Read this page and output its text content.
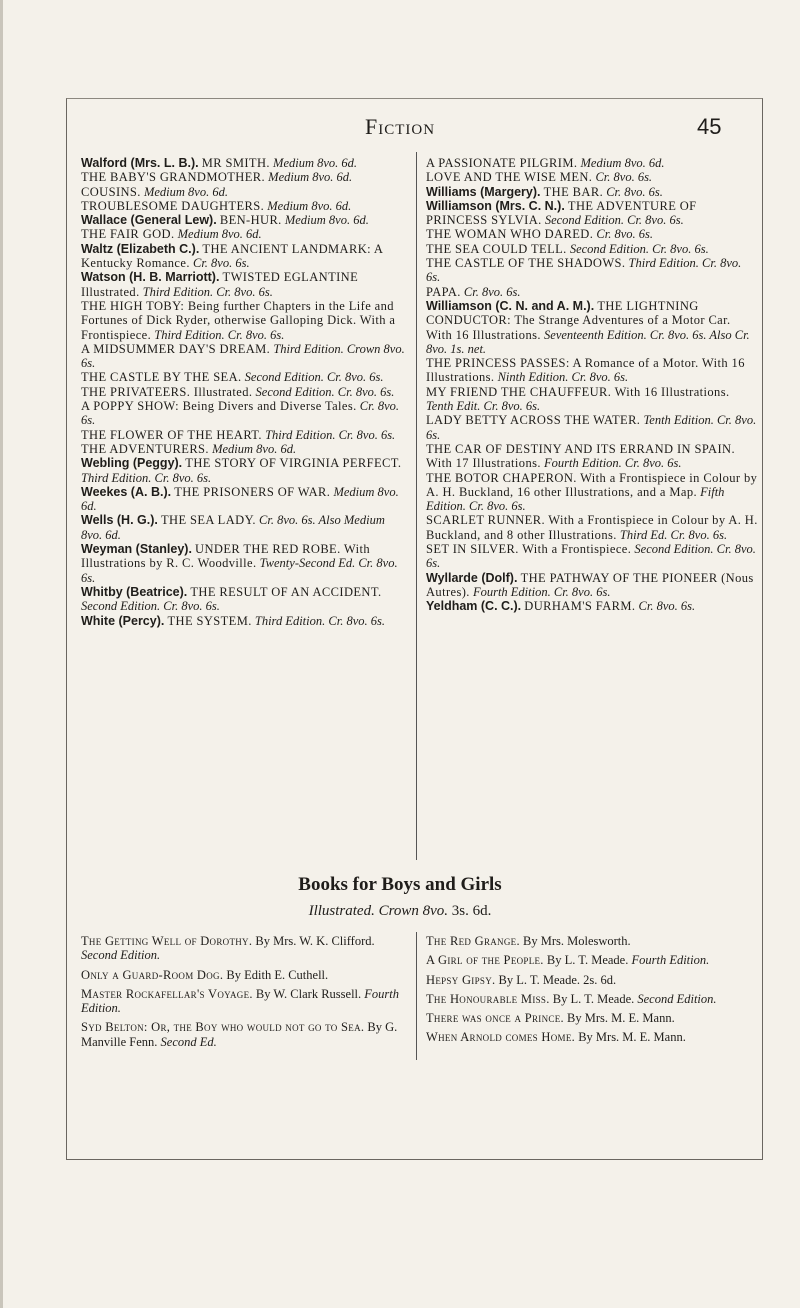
Fiction	45

Walford (Mrs. L. B.). MR SMITH. Medium 8vo. 6d.

THE BABY'S GRANDMOTHER. Medium 8vo. 6d.

COUSINS. Medium 8vo. 6d.

TROUBLESOME DAUGHTERS. Medium 8vo. 6d.

Wallace (General Lew). BEN-HUR. Medium 8vo. 6d.

THE FAIR GOD. Medium 8vo. 6d.

Waltz (Elizabeth C.). THE ANCIENT LANDMARK: A Kentucky Romance. Cr. 8vo. 6s.

Watson (H. B. Marriott). TWISTED EGLANTINE Illustrated. Third Edition. Cr. 8vo. 6s.

THE HIGH TOBY: Being further Chapters in the Life and Fortunes of Dick Ryder, otherwise Galloping Dick. With a Frontispiece. Third Edition. Cr. 8vo. 6s.

A MIDSUMMER DAY'S DREAM. Third Edition. Crown 8vo. 6s.

THE CASTLE BY THE SEA. Second Edition. Cr. 8vo. 6s.

THE PRIVATEERS. Illustrated. Second Edition. Cr. 8vo. 6s.

A POPPY SHOW: Being Divers and Diverse Tales. Cr. 8vo. 6s.

THE FLOWER OF THE HEART. Third Edition. Cr. 8vo. 6s.

THE ADVENTURERS. Medium 8vo. 6d.

Webling (Peggy). THE STORY OF VIRGINIA PERFECT. Third Edition. Cr. 8vo. 6s.

Weekes (A. B.). THE PRISONERS OF WAR. Medium 8vo. 6d.

Wells (H. G.). THE SEA LADY. Cr. 8vo. 6s. Also Medium 8vo. 6d.

Weyman (Stanley). UNDER THE RED ROBE. With Illustrations by R. C. Woodville. Twenty-Second Ed. Cr. 8vo. 6s.

Whitby (Beatrice). THE RESULT OF AN ACCIDENT. Second Edition. Cr. 8vo. 6s.

White (Percy). THE SYSTEM. Third Edition. Cr. 8vo. 6s.

A PASSIONATE PILGRIM. Medium 8vo. 6d.

LOVE AND THE WISE MEN. Cr. 8vo. 6s.

Williams (Margery). THE BAR. Cr. 8vo. 6s.

Williamson (Mrs. C. N.). THE ADVENTURE OF PRINCESS SYLVIA. Second Edition. Cr. 8vo. 6s.

THE WOMAN WHO DARED. Cr. 8vo. 6s.

THE SEA COULD TELL. Second Edition. Cr. 8vo. 6s.

THE CASTLE OF THE SHADOWS. Third Edition. Cr. 8vo. 6s.

PAPA. Cr. 8vo. 6s.

Williamson (C. N. and A. M.). THE LIGHTNING CONDUCTOR: The Strange Adventures of a Motor Car. With 16 Illustrations. Seventeenth Edition. Cr. 8vo. 6s. Also Cr. 8vo. 1s. net.

THE PRINCESS PASSES: A Romance of a Motor. With 16 Illustrations. Ninth Edition. Cr. 8vo. 6s.

MY FRIEND THE CHAUFFEUR. With 16 Illustrations. Tenth Edit. Cr. 8vo. 6s.

LADY BETTY ACROSS THE WATER. Tenth Edition. Cr. 8vo. 6s.

THE CAR OF DESTINY AND ITS ERRAND IN SPAIN. With 17 Illustrations. Fourth Edition. Cr. 8vo. 6s.

THE BOTOR CHAPERON. With a Frontispiece in Colour by A. H. Buckland, 16 other Illustrations, and a Map. Fifth Edition. Cr. 8vo. 6s.

SCARLET RUNNER. With a Frontispiece in Colour by A. H. Buckland, and 8 other Illustrations. Third Ed. Cr. 8vo. 6s.

SET IN SILVER. With a Frontispiece. Second Edition. Cr. 8vo. 6s.

Wyllarde (Dolf). THE PATHWAY OF THE PIONEER (Nous Autres). Fourth Edition. Cr. 8vo. 6s.

Yeldham (C. C.). DURHAM'S FARM. Cr. 8vo. 6s.

Books for Boys and Girls
Illustrated. Crown 8vo. 3s. 6d.

The Getting Well of Dorothy. By Mrs. W. K. Clifford. Second Edition.

Only a Guard-Room Dog. By Edith E. Cuthell.

Master Rockafellar's Voyage. By W. Clark Russell. Fourth Edition.

Syd Belton: Or, the Boy who would not go to Sea. By G. Manville Fenn. Second Ed.

The Red Grange. By Mrs. Molesworth.

A Girl of the People. By L. T. Meade. Fourth Edition.

Hepsy Gipsy. By L. T. Meade. 2s. 6d.

The Honourable Miss. By L. T. Meade. Second Edition.

There was once a Prince. By Mrs. M. E. Mann.

When Arnold comes Home. By Mrs. M. E. Mann.
